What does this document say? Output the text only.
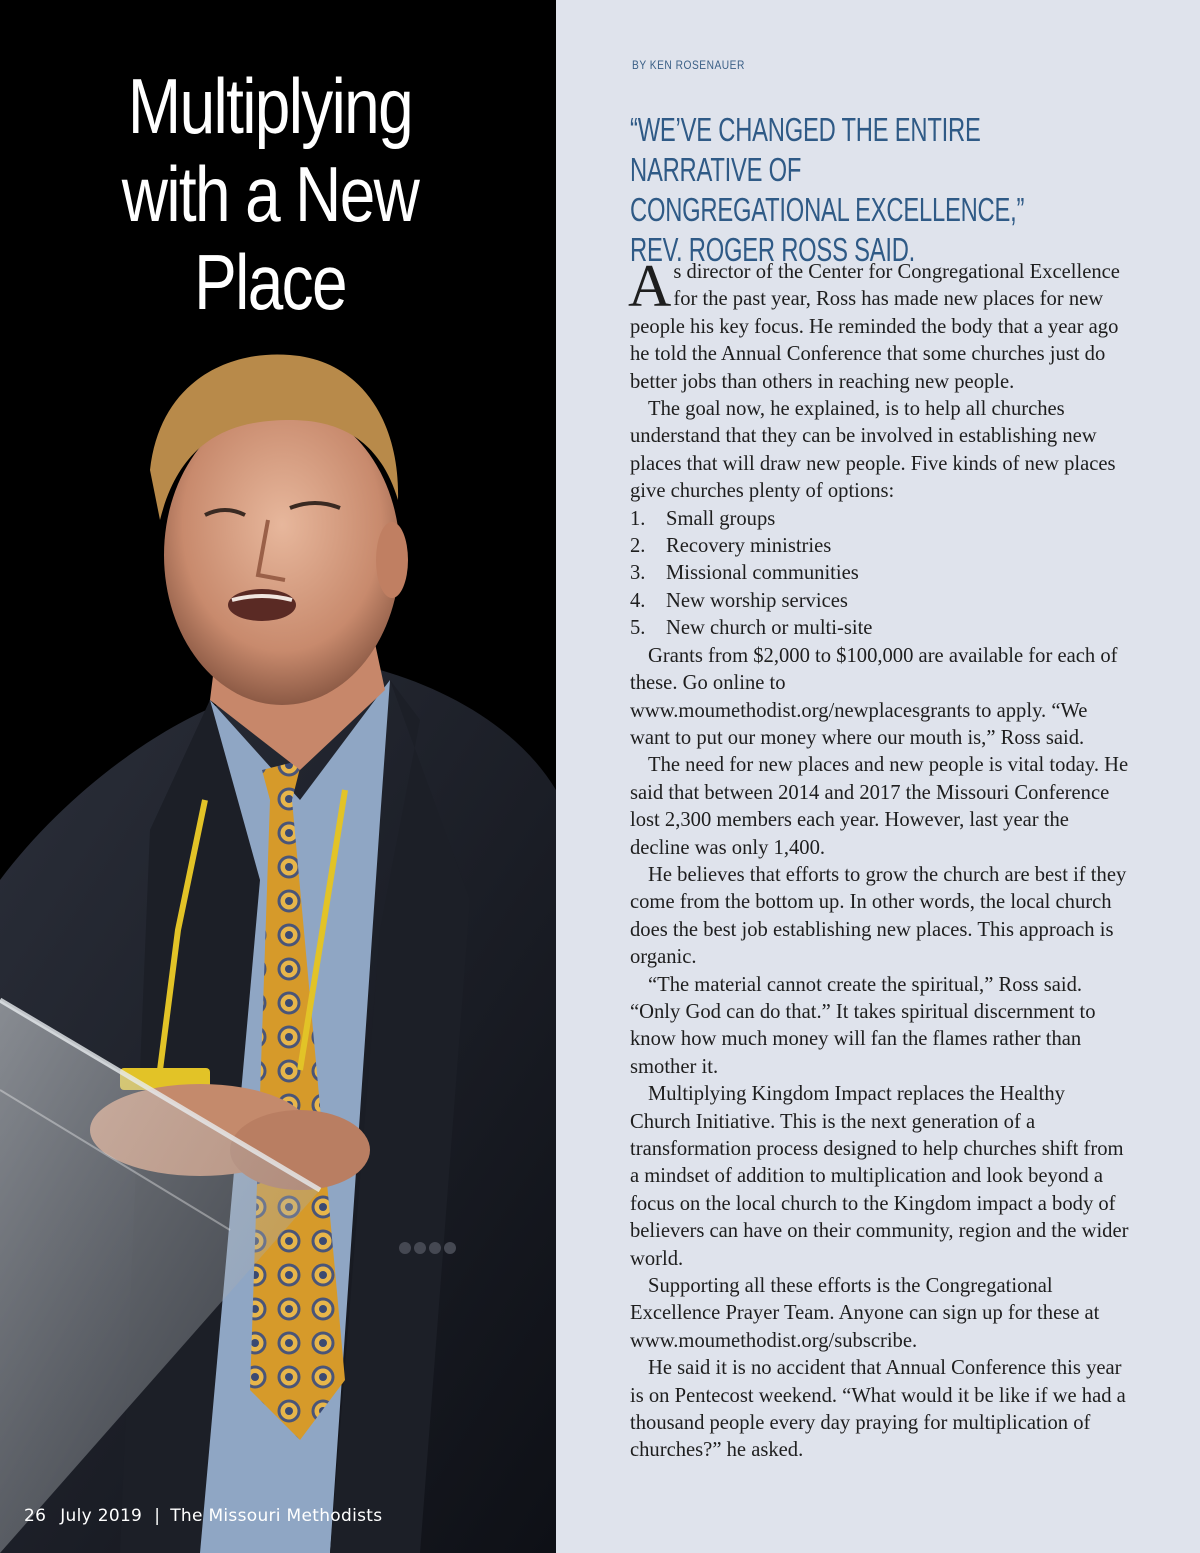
Multiplying
with a New
Place
26 July 2019 | The Missouri Methodists
BY KEN ROSENAUER
“WE’VE CHANGED THE ENTIRE NARRATIVE OF
CONGREGATIONAL EXCELLENCE,”
REV. ROGER ROSS SAID.

As director of the Center for Congregational Excellence for the past year, Ross has made new places for new people his key focus. He reminded the body that a year ago he told the Annual Conference that some churches just do better jobs than others in reaching new people.

The goal now, he explained, is to help all churches understand that they can be involved in establishing new places that will draw new people. Five kinds of new places give churches plenty of options:

1. Small groups
2. Recovery ministries
3. Missional communities
4. New worship services
5. New church or multi-site

Grants from $2,000 to $100,000 are available for each of these. Go online to www.moumethodist.org/newplacesgrants to apply. “We want to put our money where our mouth is,” Ross said.

The need for new places and new people is vital today. He said that between 2014 and 2017 the Missouri Conference lost 2,300 members each year. However, last year the decline was only 1,400.

He believes that efforts to grow the church are best if they come from the bottom up. In other words, the local church does the best job establishing new places. This approach is organic.

“The material cannot create the spiritual,” Ross said. “Only God can do that.” It takes spiritual discernment to know how much money will fan the flames rather than smother it.

Multiplying Kingdom Impact replaces the Healthy Church Initiative. This is the next generation of a transformation process designed to help churches shift from a mindset of addition to multiplication and look beyond a focus on the local church to the Kingdom impact a body of believers can have on their community, region and the wider world.

Supporting all these efforts is the Congregational Excellence Prayer Team. Anyone can sign up for these at www.moumethodist.org/subscribe.

He said it is no accident that Annual Conference this year is on Pentecost weekend. “What would it be like if we had a thousand people every day praying for multiplication of churches?” he asked.
